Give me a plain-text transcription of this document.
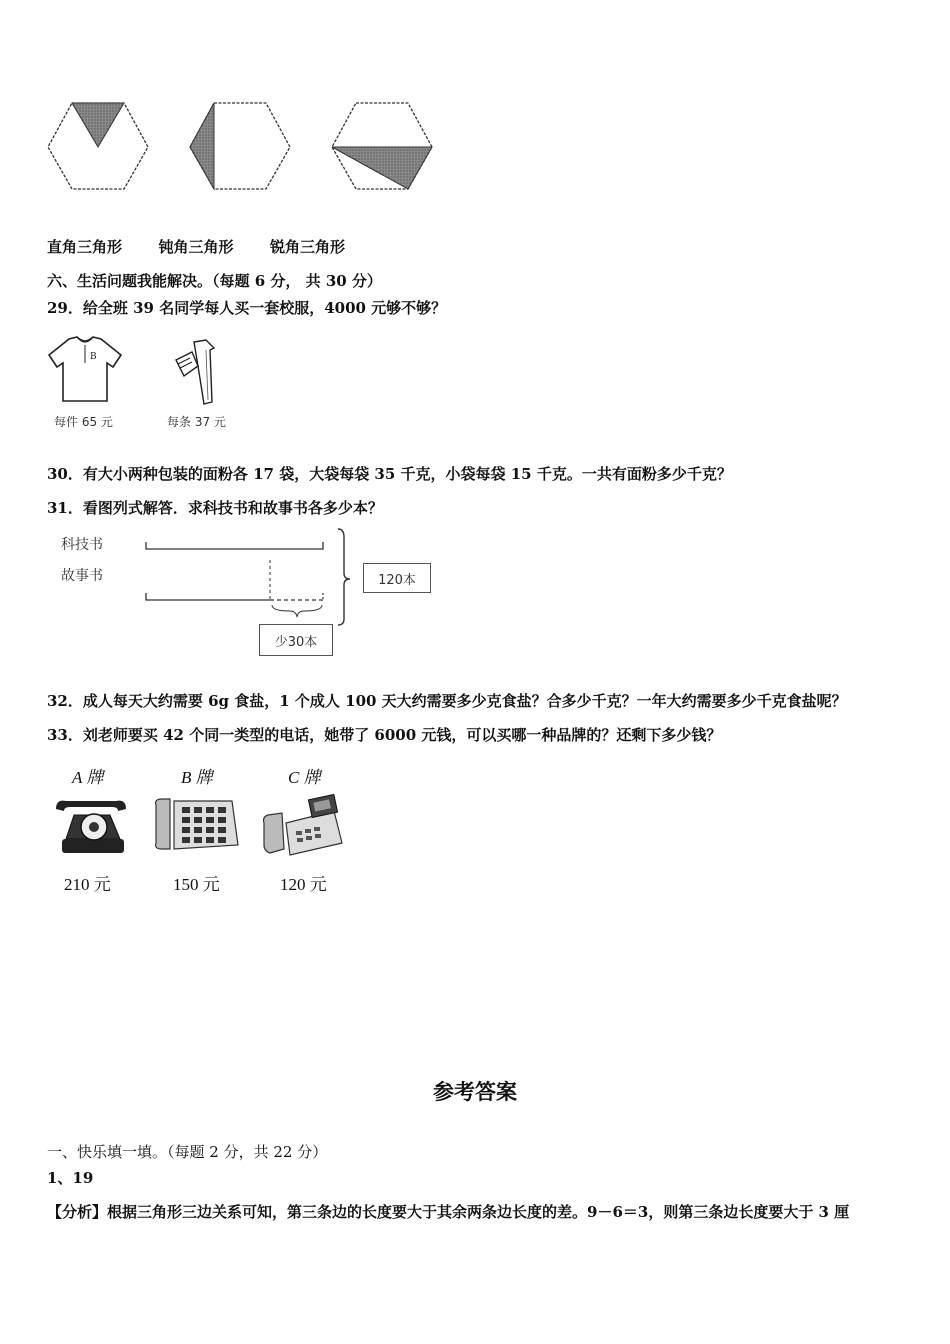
直角三角形 钝角三角形 锐角三角形
六、生活问题我能解决。（每题 6 分， 共 30 分）
29．给全班 39 名同学每人买一套校服，4000 元够不够？
B
每件 65 元	每条 37 元
30．有大小两种包装的面粉各 17 袋，大袋每袋 35 千克，小袋每袋 15 千克。一共有面粉多少千克？
31．看图列式解答．求科技书和故事书各多少本？
科技书
故事书	120本
少30本
32．成人每天大约需要 6g 食盐，1 个成人 100 天大约需要多少克食盐？合多少千克？一年大约需要多少千克食盐呢？
33．刘老师要买 42 个同一类型的电话，她带了 6000 元钱，可以买哪一种品牌的？还剩下多少钱？
A 牌	B 牌	C 牌
210 元	150 元	120 元
参考答案
一、快乐填一填。（每题 2 分，共 22 分）
1、19
【分析】根据三角形三边关系可知，第三条边的长度要大于其余两条边长度的差。9－6＝3，则第三条边长度要大于 3 厘
